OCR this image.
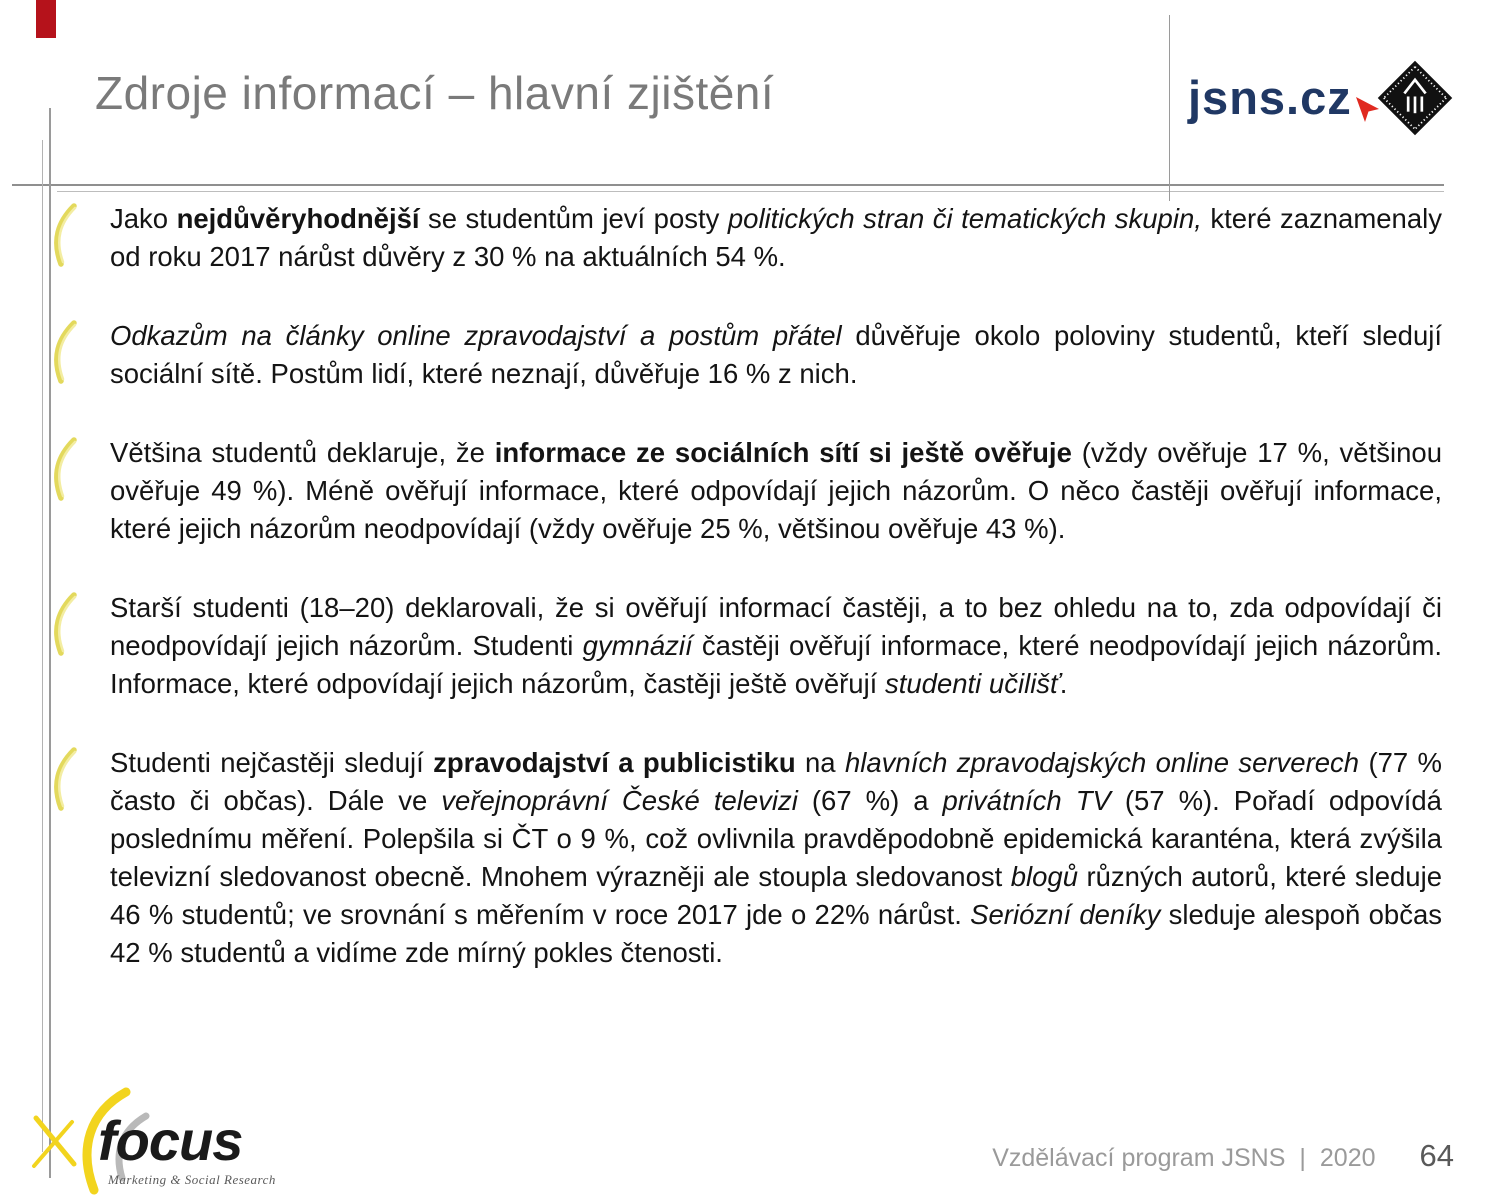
Zdroje informací – hlavní zjištění	jsns.cz

Jako nejdůvěryhodnější se studentům jeví posty politických stran či tematických skupin, které zaznamenaly od roku 2017 nárůst důvěry z 30 % na aktuálních 54 %.

Odkazům na články online zpravodajství a postům přátel důvěřuje okolo poloviny studentů, kteří sledují sociální sítě. Postům lidí, které neznají, důvěřuje 16 % z nich.

Většina studentů deklaruje, že informace ze sociálních sítí si ještě ověřuje (vždy ověřuje 17 %, většinou ověřuje 49 %). Méně ověřují informace, které odpovídají jejich názorům. O něco častěji ověřují informace, které jejich názorům neodpovídají (vždy ověřuje 25 %, většinou ověřuje 43 %).

Starší studenti (18–20) deklarovali, že si ověřují informací častěji, a to bez ohledu na to, zda odpovídají či neodpovídají jejich názorům. Studenti gymnázií častěji ověřují informace, které neodpovídají jejich názorům. Informace, které odpovídají jejich názorům, častěji ještě ověřují studenti učilišť.

Studenti nejčastěji sledují zpravodajství a publicistiku na hlavních zpravodajských online serverech (77 % často či občas). Dále ve veřejnoprávní České televizi (67 %) a privátních TV (57 %). Pořadí odpovídá poslednímu měření. Polepšila si ČT o 9 %, což ovlivnila pravděpodobně epidemická karanténa, která zvýšila televizní sledovanost obecně. Mnohem výrazněji ale stoupla sledovanost blogů různých autorů, které sleduje 46 % studentů; ve srovnání s měřením v roce 2017 jde o 22% nárůst. Seriózní deníky sleduje alespoň občas 42 % studentů a vidíme zde mírný pokles čtenosti.

focus
Marketing & Social Research
Vzdělávací program JSNS | 2020 64
